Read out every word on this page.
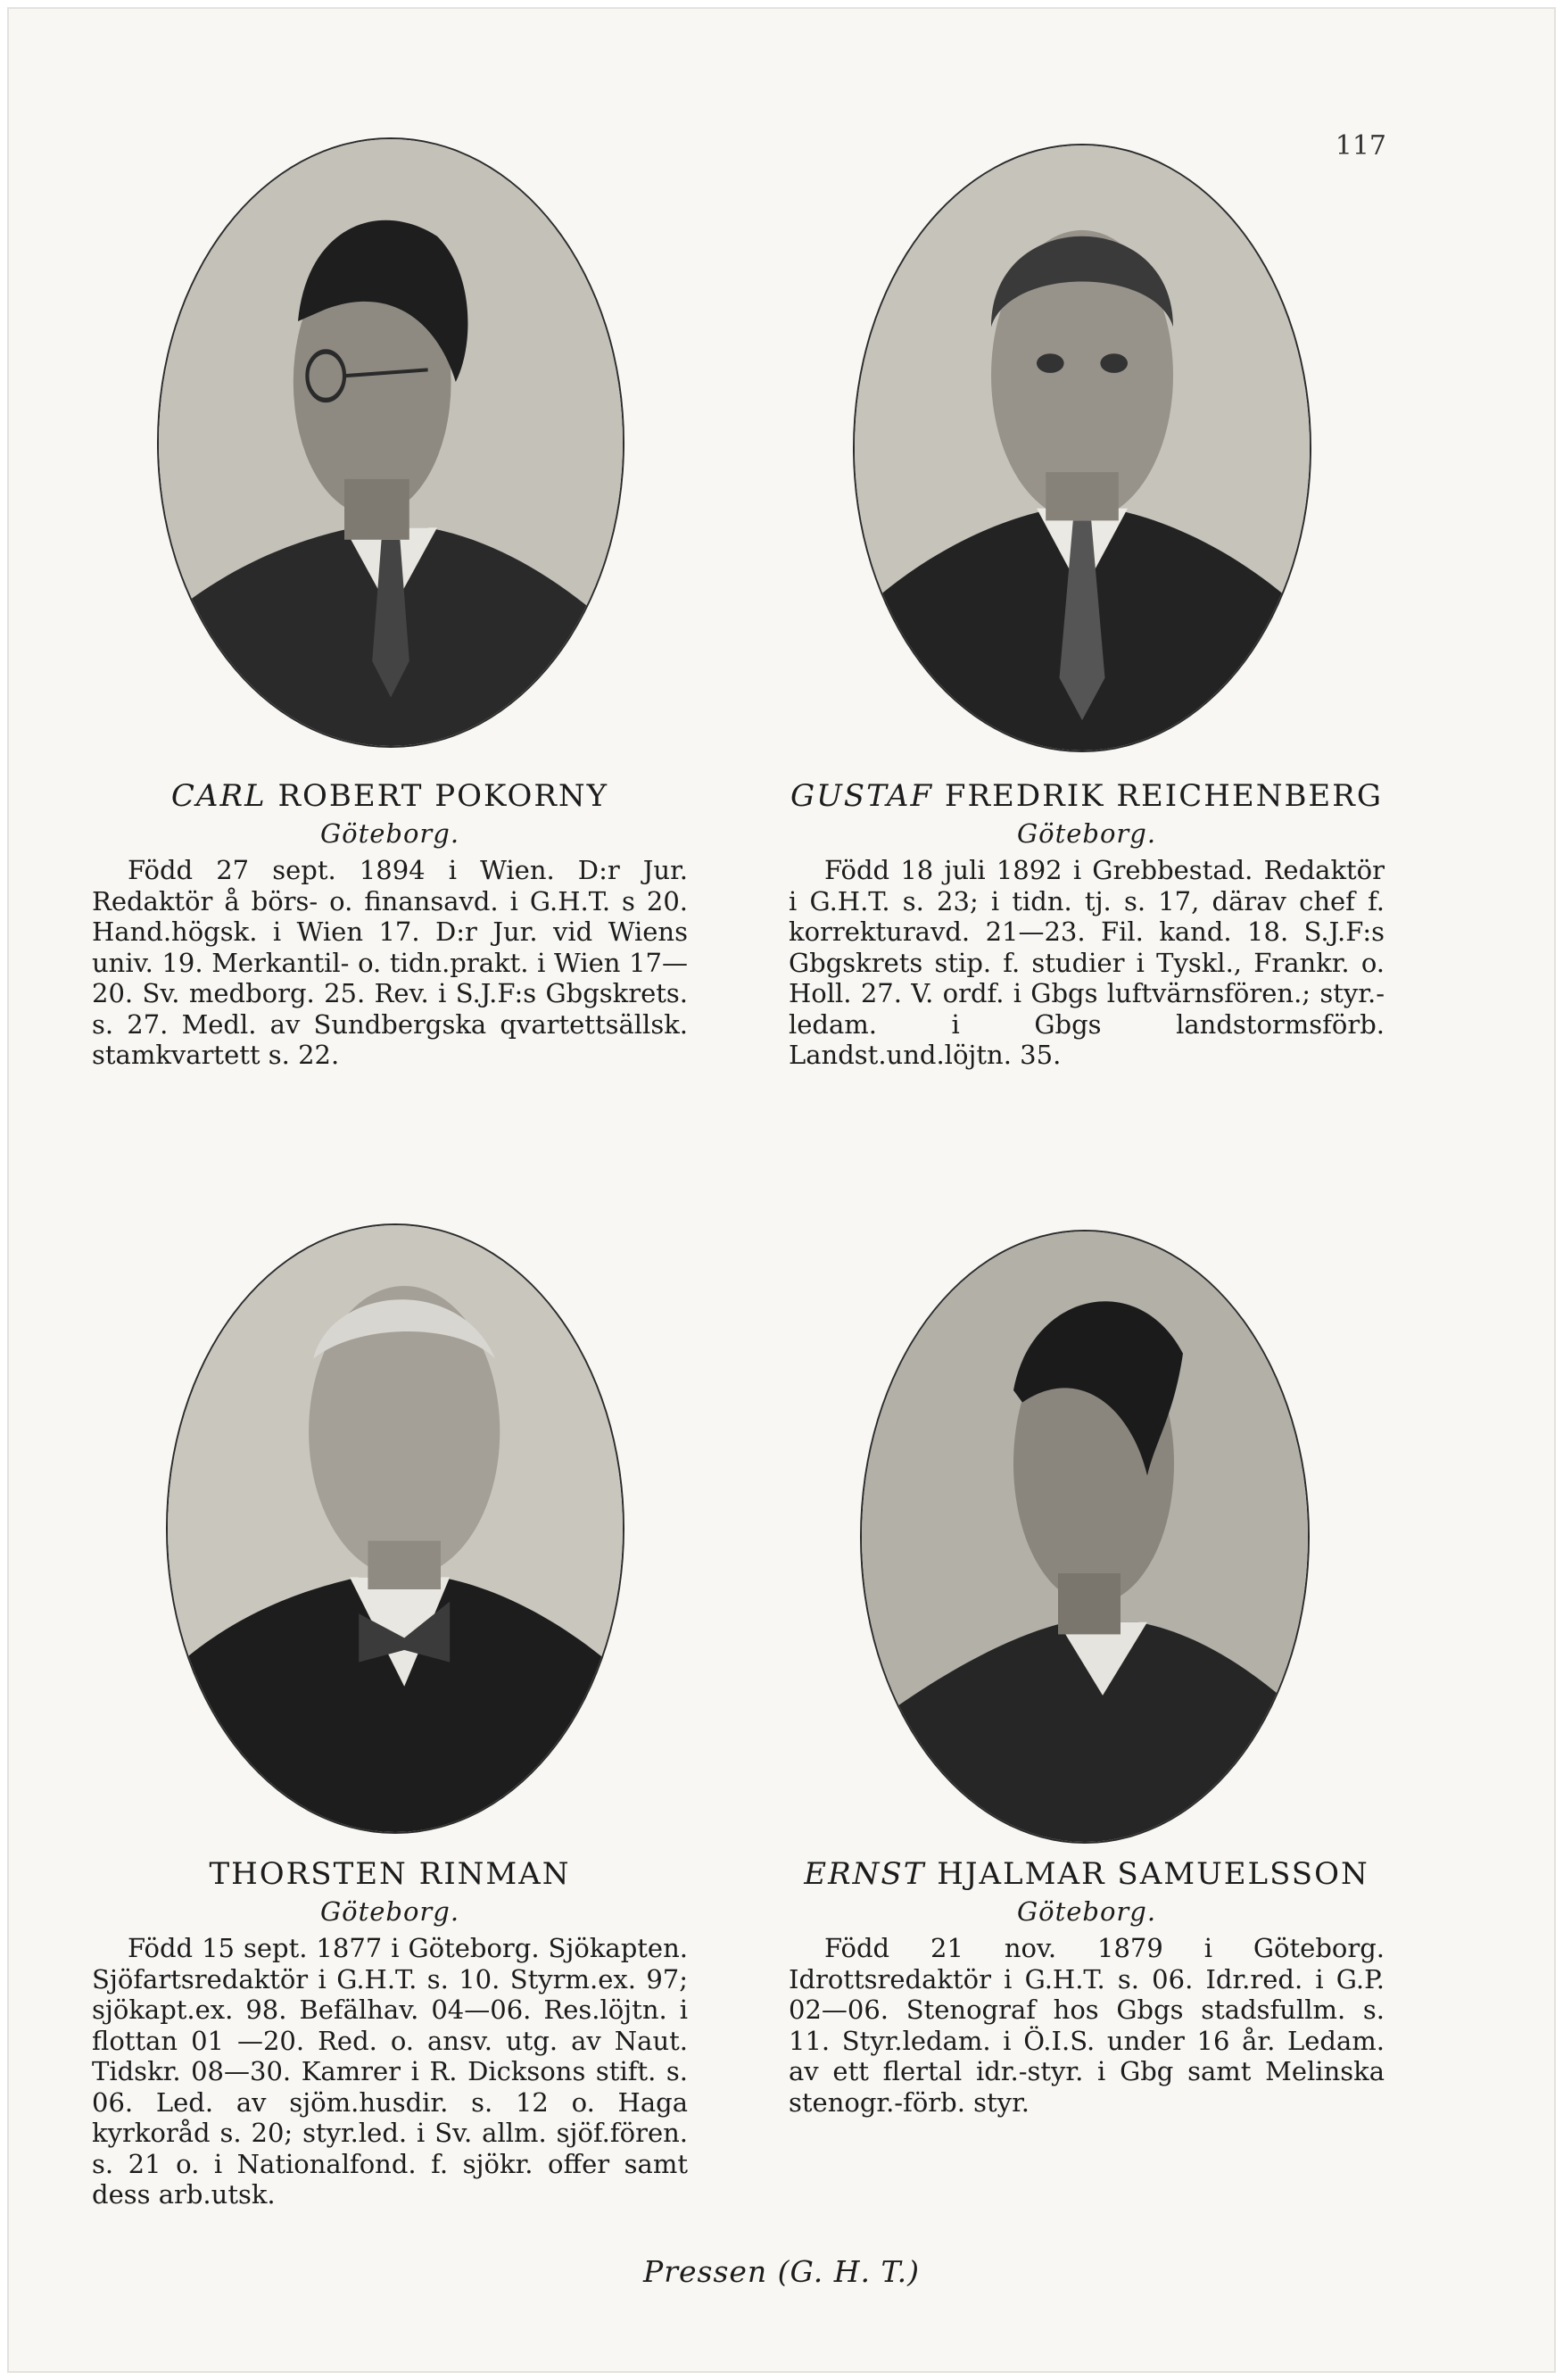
117
CARL ROBERT POKORNY
Göteborg.

Född 27 sept. 1894 i Wien. D:r Jur. Redaktör å börs- o. finansavd. i G.H.T. s 20. Hand.högsk. i Wien 17. D:r Jur. vid Wiens univ. 19. Merkantil- o. tidn.prakt. i Wien 17—20. Sv. medborg. 25. Rev. i S.J.F:s Gbgskrets. s. 27. Medl. av Sundbergska qvartettsällsk. stamkvartett s. 22.

GUSTAF FREDRIK REICHENBERG
Göteborg.

Född 18 juli 1892 i Grebbestad. Redaktör i G.H.T. s. 23; i tidn. tj. s. 17, därav chef f. korrekturavd. 21—23. Fil. kand. 18. S.J.F:s Gbgskrets stip. f. studier i Tyskl., Frankr. o. Holl. 27. V. ordf. i Gbgs luftvärnsfören.; styr.-ledam. i Gbgs landstormsförb. Landst.und.löjtn. 35.

THORSTEN RINMAN
Göteborg.

Född 15 sept. 1877 i Göteborg. Sjökapten. Sjöfartsredaktör i G.H.T. s. 10. Styrm.ex. 97; sjökapt.ex. 98. Befälhav. 04—06. Res.löjtn. i flottan 01 —20. Red. o. ansv. utg. av Naut. Tidskr. 08—30. Kamrer i R. Dicksons stift. s. 06. Led. av sjöm.husdir. s. 12 o. Haga kyrkoråd s. 20; styr.led. i Sv. allm. sjöf.fören. s. 21 o. i Nationalfond. f. sjökr. offer samt dess arb.utsk.

ERNST HJALMAR SAMUELSSON
Göteborg.

Född 21 nov. 1879 i Göteborg. Idrottsredaktör i G.H.T. s. 06. Idr.red. i G.P. 02—06. Stenograf hos Gbgs stadsfullm. s. 11. Styr.ledam. i Ö.I.S. under 16 år. Ledam. av ett flertal idr.-styr. i Gbg samt Melinska stenogr.-förb. styr.

Pressen (G. H. T.)
